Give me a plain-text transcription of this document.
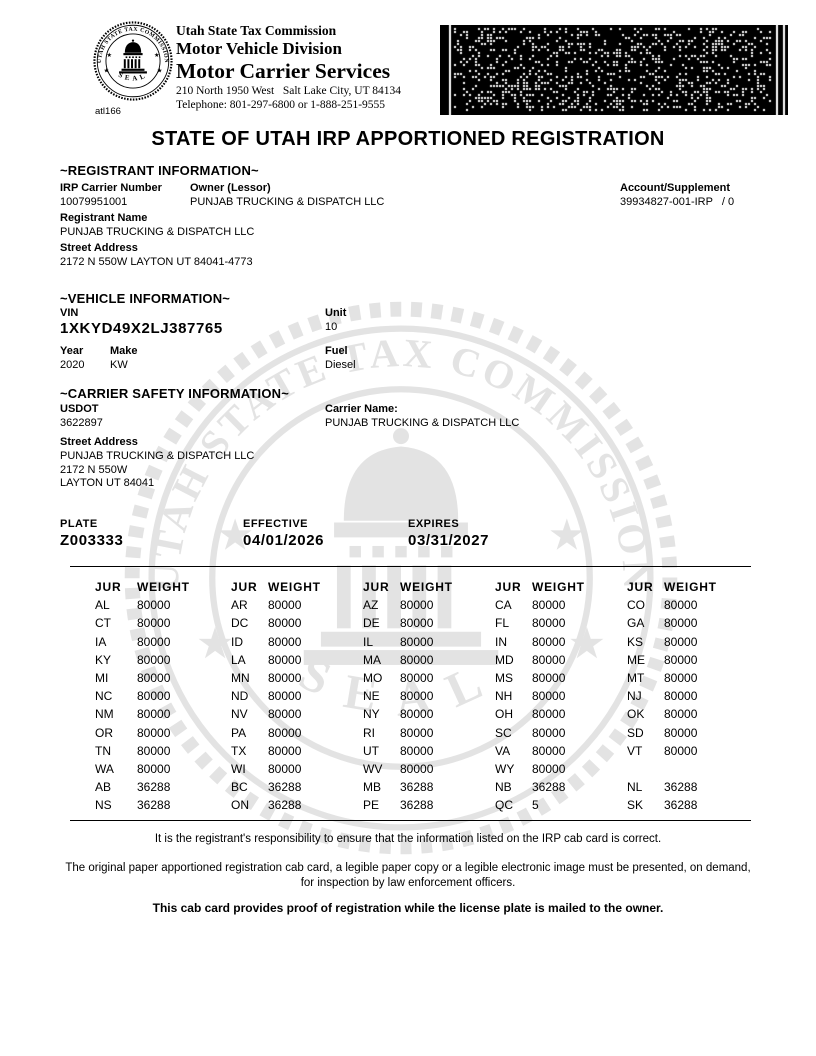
atl166
Utah State Tax Commission
Motor Vehicle Division
Motor Carrier Services
210 North 1950 West   Salt Lake City, UT 84134
Telephone: 801-297-6800 or 1-888-251-9555
STATE OF UTAH IRP APPORTIONED REGISTRATION
~REGISTRANT INFORMATION~
IRP Carrier Number
10079951001
Owner (Lessor)
PUNJAB TRUCKING & DISPATCH LLC
Account/Supplement
39934827-001-IRP   / 0
Registrant Name
PUNJAB TRUCKING & DISPATCH LLC
Street Address
2172 N 550W LAYTON UT 84041-4773
~VEHICLE INFORMATION~
VIN
1XKYD49X2LJ387765
Unit
10
Year
2020
Make
KW
Fuel
Diesel
~CARRIER SAFETY INFORMATION~
USDOT
3622897
Carrier Name:
PUNJAB TRUCKING & DISPATCH LLC
Street Address
PUNJAB TRUCKING & DISPATCH LLC
2172 N 550W
LAYTON UT 84041
PLATE
Z003333
EFFECTIVE
04/01/2026
EXPIRES
03/31/2027
JUR	WEIGHT	JUR WEIGHT	JUR WEIGHT	JUR WEIGHT	JUR WEIGHT
AL	80000	AR	80000	AZ	80000	CA	80000	CO	80000
CT	80000	DC	80000	DE	80000	FL	80000	GA	80000
IA	80000	ID	80000	IL	80000	IN	80000	KS	80000
KY	80000	LA	80000	MA	80000	MD	80000	ME	80000
MI	80000	MN	80000	MO	80000	MS	80000	MT	80000
NC	80000	ND	80000	NE	80000	NH	80000	NJ	80000
NM	80000	NV	80000	NY	80000	OH	80000	OK	80000
OR	80000	PA	80000	RI	80000	SC	80000	SD	80000
TN	80000	TX	80000	UT	80000	VA	80000	VT	80000
WA	80000	WI	80000	WV	80000	WY	80000
AB	36288	BC	36288	MB	36288	NB	36288	NL	36288
NS	36288	ON	36288	PE	36288	QC	5	SK	36288
It is the registrant's responsibility to ensure that the information listed on the IRP cab card is correct.
The original paper apportioned registration cab card, a legible paper copy or a legible electronic image must be presented, on demand, for inspection by law enforcement officers.
This cab card provides proof of registration while the license plate is mailed to the owner.
